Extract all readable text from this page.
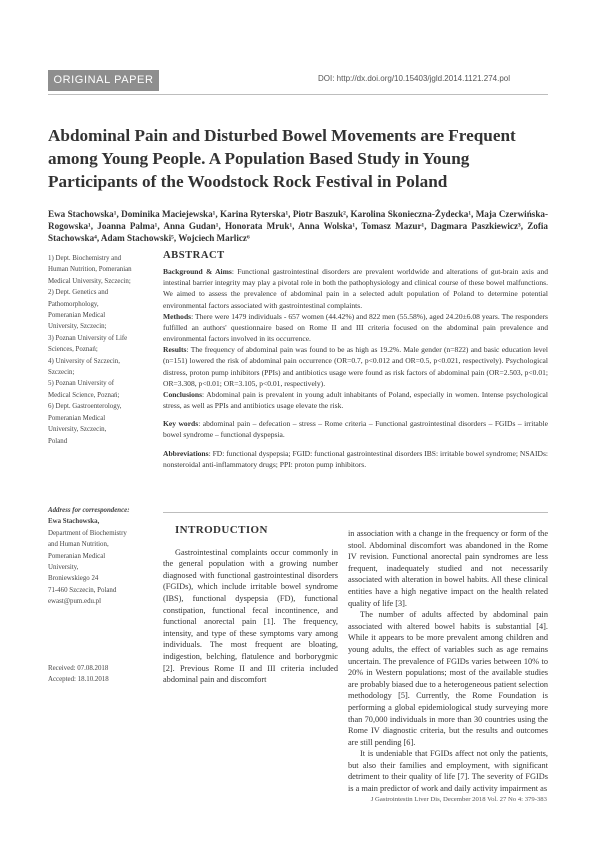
ORIGINAL PAPER	DOI: http://dx.doi.org/10.15403/jgld.2014.1121.274.pol
Abdominal Pain and Disturbed Bowel Movements are Frequent among Young People. A Population Based Study in Young Participants of the Woodstock Rock Festival in Poland
Ewa Stachowska¹, Dominika Maciejewska¹, Karina Ryterska¹, Piotr Baszuk², Karolina Skonieczna-Żydecka¹, Maja Czerwińska-Rogowska¹, Joanna Palma¹, Anna Gudan¹, Honorata Mruk¹, Anna Wolska¹, Tomasz Mazur¹, Dagmara Paszkiewicz³, Zofia Stachowska⁴, Adam Stachowski⁵, Wojciech Marlicz⁶
1) Dept. Biochemistry and
Human Nutrition, Pomeranian
Medical University, Szczecin;
2) Dept. Genetics and
Pathomorphology,
Pomeranian Medical
University, Szczecin;
3) Poznan University of Life
Sciences, Poznań;
4) University of Szczecin,
Szczecin;
5) Poznan University of
Medical Science, Poznań;
6) Dept. Gastroenterology,
Pomeranian Medical
University, Szczecin,
Poland
Address for correspondence:
Ewa Stachowska,
Department of Biochemistry
and Human Nutrition,
Pomeranian Medical
University,
Broniewskiego 24
71-460 Szczecin, Poland
ewast@pum.edu.pl
Received: 07.08.2018
Accepted: 18.10.2018
ABSTRACT

Background & Aims: Functional gastrointestinal disorders are prevalent worldwide and alterations of gut-brain axis and intestinal barrier integrity may play a pivotal role in both the pathophysiology and clinical course of these bowel malfunctions. We aimed to assess the prevalence of abdominal pain in a selected adult population of Poland to determine potential environmental factors associated with gastrointestinal complaints.

Methods: There were 1479 individuals - 657 women (44.42%) and 822 men (55.58%), aged 24.20±6.08 years. The responders fulfilled an authors' questionnaire based on Rome II and III criteria focused on the abdominal pain prevalence and environmental factors involved in its occurrence.

Results: The frequency of abdominal pain was found to be as high as 19.2%. Male gender (n=822) and basic education level (n=151) lowered the risk of abdominal pain occurrence (OR=0.7, p<0.012 and OR=0.5, p<0.021, respectively). Psychological distress, proton pump inhibitors (PPIs) and antibiotics usage were found as risk factors of abdominal pain (OR=2.503, p<0.01; OR=3.308, p<0.01; OR=3.105, p<0.01, respectively).

Conclusions: Abdominal pain is prevalent in young adult inhabitants of Poland, especially in women. Intense psychological stress, as well as PPIs and antibiotics usage elevate the risk.

Key words: abdominal pain – defecation – stress – Rome criteria – Functional gastrointestinal disorders – FGIDs – irritable bowel syndrome – functional dyspepsia.

Abbreviations: FD: functional dyspepsia; FGID: functional gastrointestinal disorders IBS: irritable bowel syndrome; NSAIDs: nonsteroidal anti-inflammatory drugs; PPI: proton pump inhibitors.

INTRODUCTION

Gastrointestinal complaints occur commonly in the general population with a growing number diagnosed with functional gastrointestinal disorders (FGIDs), which include irritable bowel syndrome (IBS), functional dyspepsia (FD), functional constipation, functional fecal incontinence, and functional anorectal pain [1]. The frequency, intensity, and type of these symptoms vary among individuals. The most frequent are bloating, indigestion, belching, flatulence and borborygmic [2]. Previous Rome II and III criteria included abdominal pain and discomfort

in association with a change in the frequency or form of the stool. Abdominal discomfort was abandoned in the Rome IV revision. Functional anorectal pain syndromes are less frequent, inadequately studied and not necessarily associated with alteration in bowel habits. All these clinical entities have a high negative impact on the health related quality of life [3].

The number of adults affected by abdominal pain associated with altered bowel habits is substantial [4]. While it appears to be more prevalent among children and young adults, the effect of variables such as age remains uncertain. The prevalence of FGIDs varies between 10% to 20% in Western populations; most of the available studies are probably biased due to a heterogeneous patient selection methodology [5]. Currently, the Rome Foundation is performing a global epidemiological study surveying more than 70,000 individuals in more than 30 countries using the Rome IV diagnostic criteria, but the results and outcomes are still pending [6].

It is undeniable that FGIDs affect not only the patients, but also their families and employment, with significant detriment to their quality of life [7]. The severity of FGIDs is a main predictor of work and daily activity impairment as

J Gastrointestin Liver Dis, December 2018 Vol. 27 No 4: 379-383
